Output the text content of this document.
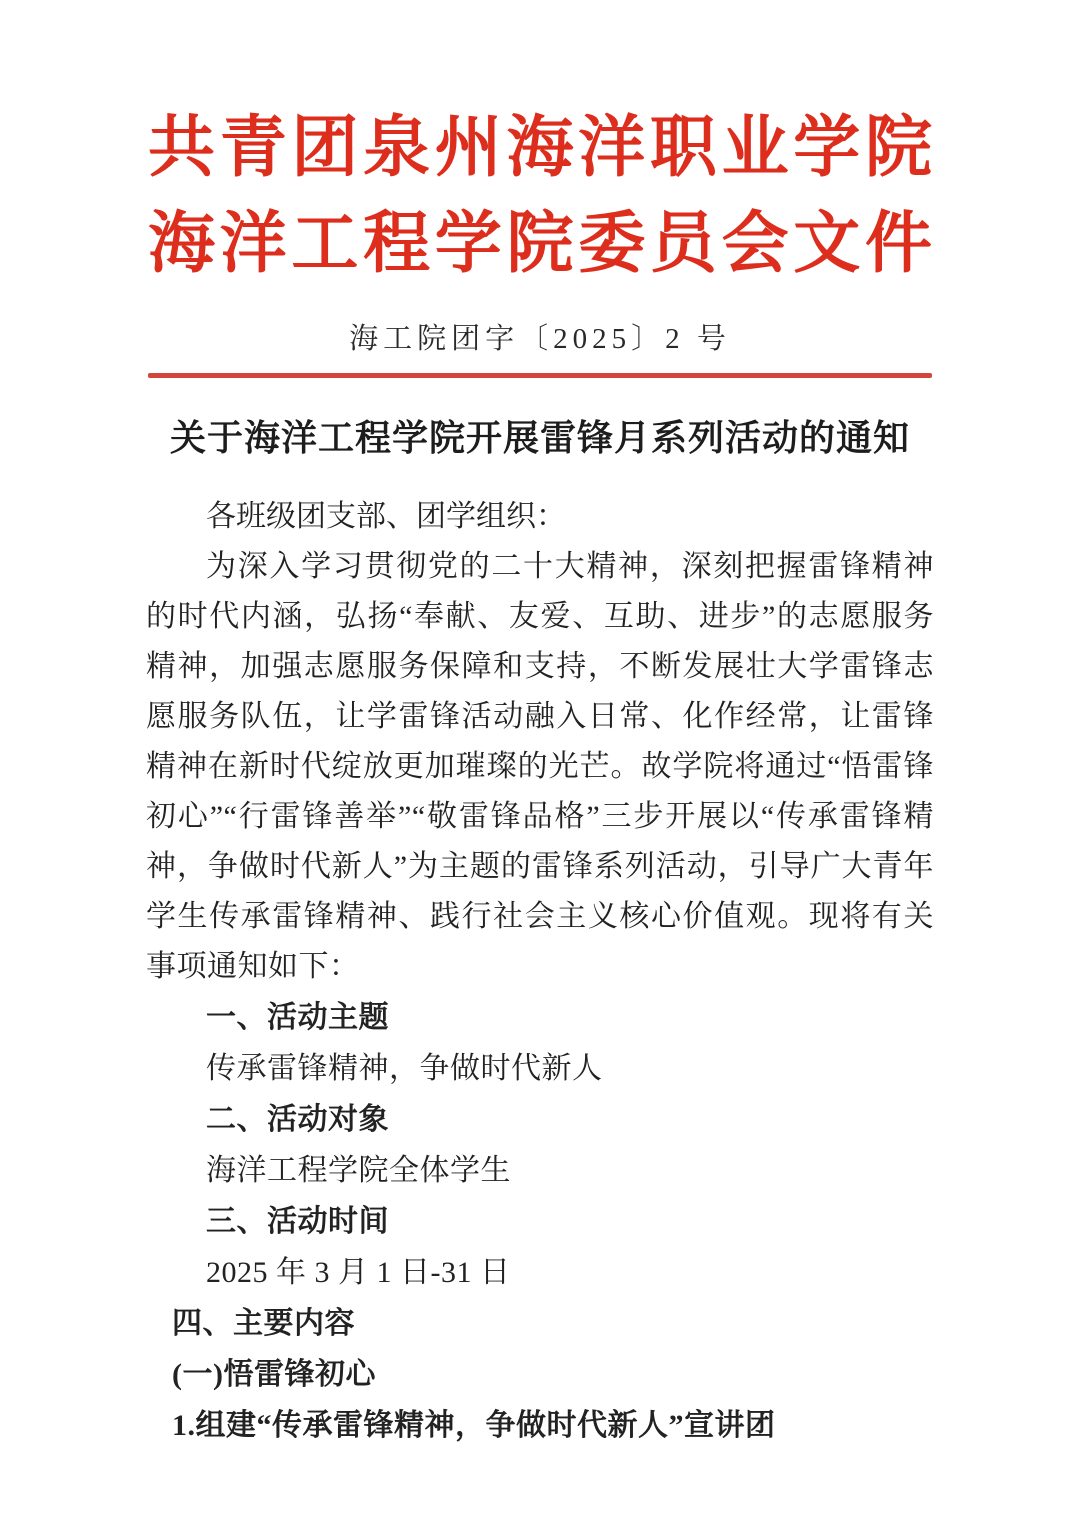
共青团泉州海洋职业学院
海洋工程学院委员会文件
海工院团字〔2025〕2 号
关于海洋工程学院开展雷锋月系列活动的通知

各班级团支部、团学组织：

为深入学习贯彻党的二十大精神，深刻把握雷锋精神的时代内涵，弘扬“奉献、友爱、互助、进步”的志愿服务精神，加强志愿服务保障和支持，不断发展壮大学雷锋志愿服务队伍，让学雷锋活动融入日常、化作经常，让雷锋精神在新时代绽放更加璀璨的光芒。故学院将通过“悟雷锋初心”“行雷锋善举”“敬雷锋品格”三步开展以“传承雷锋精神，争做时代新人”为主题的雷锋系列活动，引导广大青年学生传承雷锋精神、践行社会主义核心价值观。现将有关事项通知如下：

一、活动主题
传承雷锋精神，争做时代新人
二、活动对象
海洋工程学院全体学生
三、活动时间
2025 年 3 月 1 日-31 日
四、主要内容
(一)悟雷锋初心
1.组建“传承雷锋精神，争做时代新人”宣讲团
